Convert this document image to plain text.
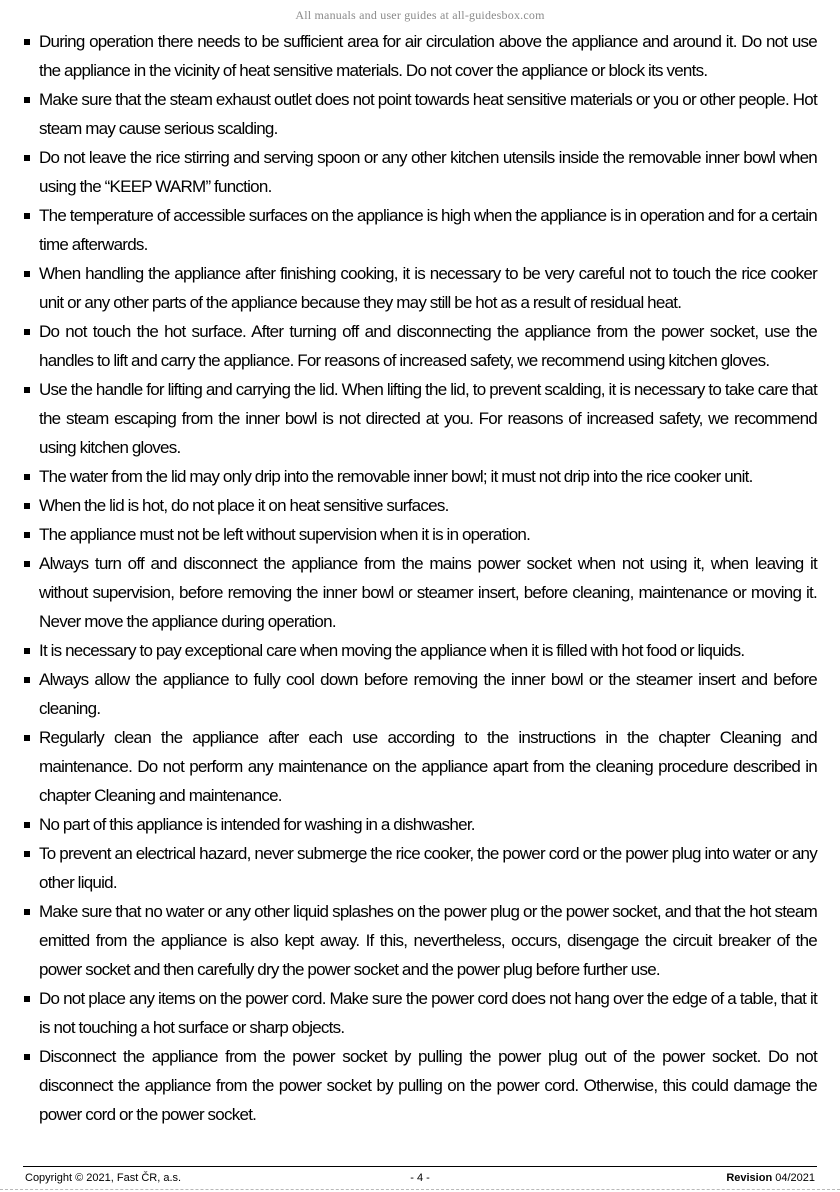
All manuals and user guides at all-guidesbox.com
During operation there needs to be sufficient area for air circulation above the appliance and around it. Do not use the appliance in the vicinity of heat sensitive materials. Do not cover the appliance or block its vents.
Make sure that the steam exhaust outlet does not point towards heat sensitive materials or you or other people. Hot steam may cause serious scalding.
Do not leave the rice stirring and serving spoon or any other kitchen utensils inside the removable inner bowl when using the “KEEP WARM” function.
The temperature of accessible surfaces on the appliance is high when the appliance is in operation and for a certain time afterwards.
When handling the appliance after finishing cooking, it is necessary to be very careful not to touch the rice cooker unit or any other parts of the appliance because they may still be hot as a result of residual heat.
Do not touch the hot surface. After turning off and disconnecting the appliance from the power socket, use the handles to lift and carry the appliance. For reasons of increased safety, we recommend using kitchen gloves.
Use the handle for lifting and carrying the lid. When lifting the lid, to prevent scalding, it is necessary to take care that the steam escaping from the inner bowl is not directed at you. For reasons of increased safety, we recommend using kitchen gloves.
The water from the lid may only drip into the removable inner bowl; it must not drip into the rice cooker unit.
When the lid is hot, do not place it on heat sensitive surfaces.
The appliance must not be left without supervision when it is in operation.
Always turn off and disconnect the appliance from the mains power socket when not using it, when leaving it without supervision, before removing the inner bowl or steamer insert, before cleaning, maintenance or moving it. Never move the appliance during operation.
It is necessary to pay exceptional care when moving the appliance when it is filled with hot food or liquids.
Always allow the appliance to fully cool down before removing the inner bowl or the steamer insert and before cleaning.
Regularly clean the appliance after each use according to the instructions in the chapter Cleaning and maintenance. Do not perform any maintenance on the appliance apart from the cleaning procedure described in chapter Cleaning and maintenance.
No part of this appliance is intended for washing in a dishwasher.
To prevent an electrical hazard, never submerge the rice cooker, the power cord or the power plug into water or any other liquid.
Make sure that no water or any other liquid splashes on the power plug or the power socket, and that the hot steam emitted from the appliance is also kept away. If this, nevertheless, occurs, disengage the circuit breaker of the power socket and then carefully dry the power socket and the power plug before further use.
Do not place any items on the power cord. Make sure the power cord does not hang over the edge of a table, that it is not touching a hot surface or sharp objects.
Disconnect the appliance from the power socket by pulling the power plug out of the power socket. Do not disconnect the appliance from the power socket by pulling on the power cord. Otherwise, this could damage the power cord or the power socket.
Copyright © 2021, Fast ČR, a.s.	- 4 -	Revision 04/2021
